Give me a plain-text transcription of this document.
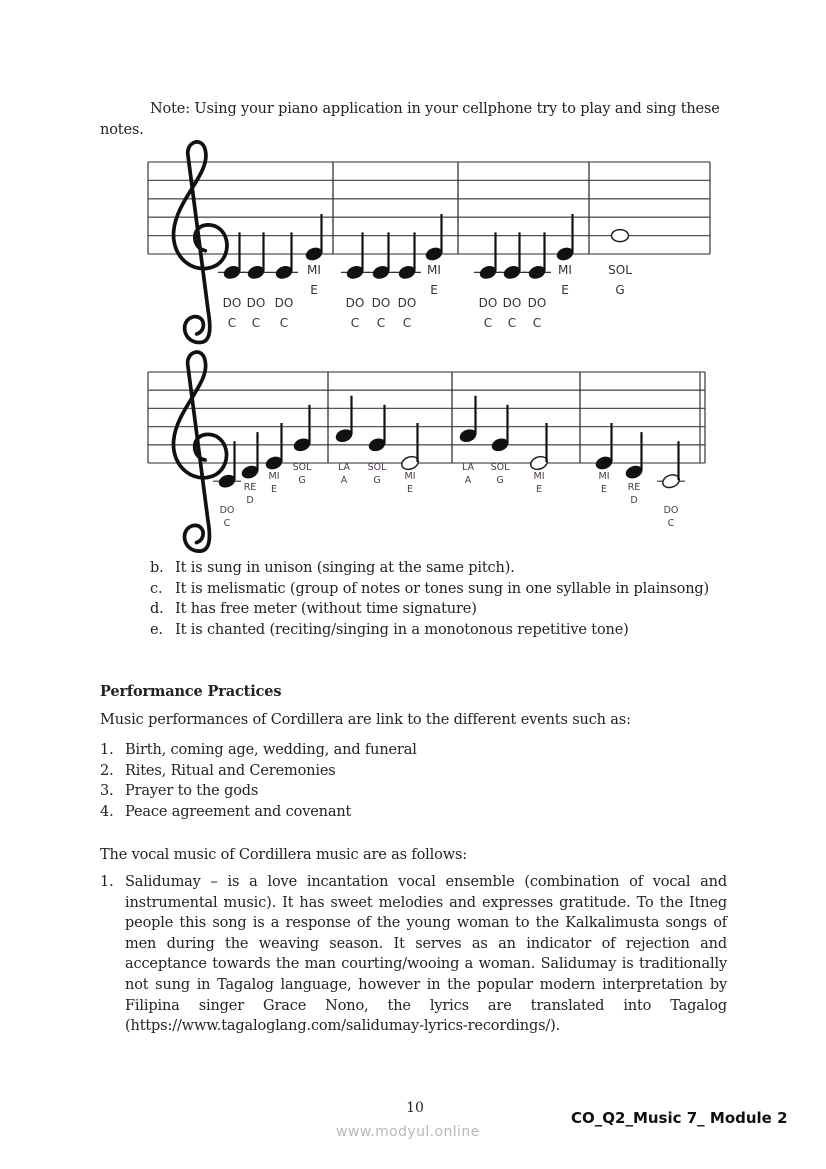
Note: Using your piano application in your cellphone try to play and sing these
notes.
DO
C
DO
C
DO
C
MI
E
DO
C
DO
C
DO
C
MI
E
DO
C
DO
C
DO
C
MI
E
SOL
G
DO
C
RE
D
MI
E
SOL
G
LA
A
SOL
G	MI
E
LA
A
SOL
G	MI
E
MI
E RE
D
DO
C
b. It is sung in unison (singing at the same pitch).
c. It is melismatic (group of notes or tones sung in one syllable in plainsong)
d. It has free meter (without time signature)
e. It is chanted (reciting/singing in a monotonous repetitive tone)
Performance Practices
Music performances of Cordillera are link to the different events such as:
1. Birth, coming age, wedding, and funeral
2. Rites, Ritual and Ceremonies
3. Prayer to the gods
4. Peace agreement and covenant
The vocal music of Cordillera music are as follows:
1. Salidumay – is a love incantation vocal ensemble (combination of vocal and instrumental music). It has sweet melodies and expresses gratitude. To the Itneg people this song is a response of the young woman to the Kalkalimusta songs of men during the weaving season. It serves as an indicator of rejection and acceptance towards the man courting/wooing a woman. Salidumay is traditionally not sung in Tagalog language, however in the popular modern interpretation by Filipina singer Grace Nono, the lyrics are translated into Tagalog (https://www.tagaloglang.com/salidumay-lyrics-recordings/).
10
www.modyul.online
CO_Q2_Music 7_ Module 2
